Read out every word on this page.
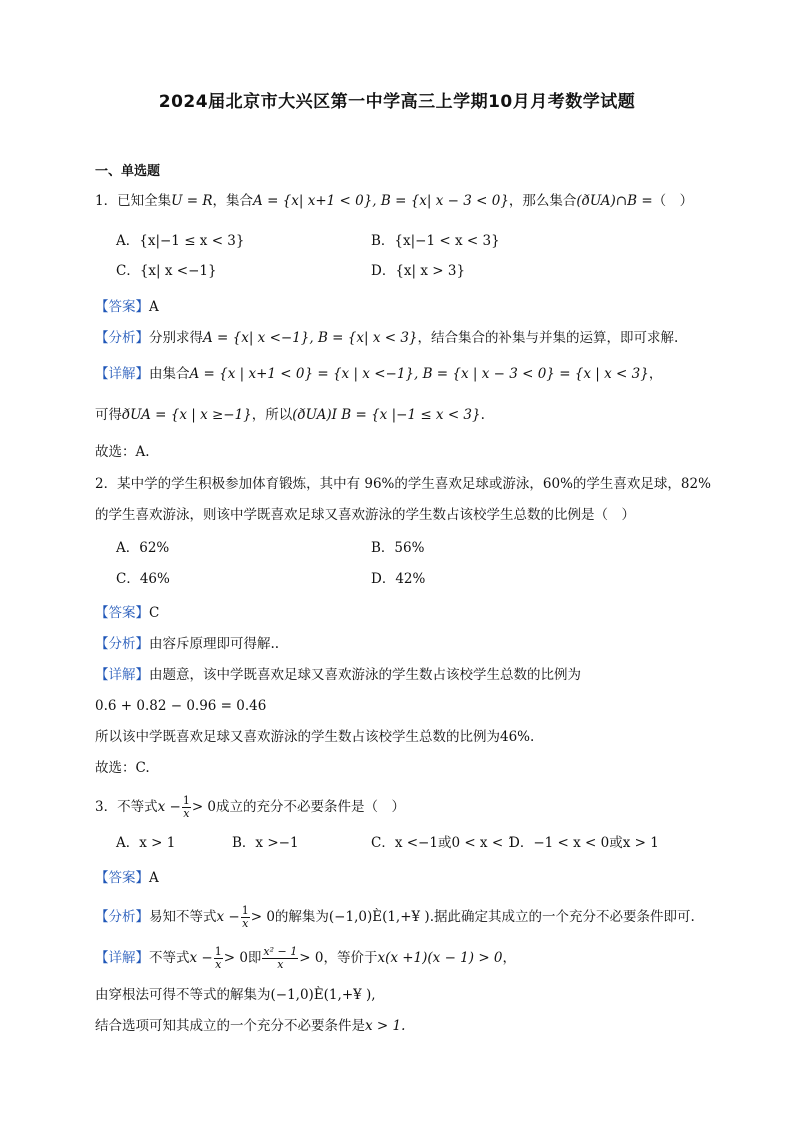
2024届北京市大兴区第一中学高三上学期10月月考数学试题
一、单选题
1．已知全集U = R，集合A = {x| x+1 < 0}, B = {x| x − 3 < 0}，那么集合(ðUA)∩B =（　）
A．{x|−1 ≤ x < 3}	B．{x|−1 < x < 3}
C．{x| x <−1}	D．{x| x > 3}
【答案】A
【分析】分别求得A = {x| x <−1}, B = {x| x < 3}，结合集合的补集与并集的运算，即可求解.
【详解】由集合A = {x | x+1 < 0} = {x | x <−1}, B = {x | x − 3 < 0} = {x | x < 3}，
可得ðUA = {x | x ≥−1}，所以(ðUA)I B = {x |−1 ≤ x < 3}.
故选：A.
2．某中学的学生积极参加体育锻炼，其中有 96%的学生喜欢足球或游泳，60%的学生喜欢足球，82%
的学生喜欢游泳，则该中学既喜欢足球又喜欢游泳的学生数占该校学生总数的比例是（　）
A．62%	B．56%
C．46%	D．42%
【答案】C
【分析】由容斥原理即可得解..
【详解】由题意，该中学既喜欢足球又喜欢游泳的学生数占该校学生总数的比例为
0.6 + 0.82 − 0.96 = 0.46
所以该中学既喜欢足球又喜欢游泳的学生数占该校学生总数的比例为46%.
故选：C.
3．不等式$x - \frac{1}{x} > 0$成立的充分不必要条件是（　）
A．x > 1	B．x >−1	C．x <−1或0 < x < 1
D．−1 < x < 0或x > 1
【答案】A
【分析】易知不等式$x - \frac{1}{x} > 0$的解集为(−1,0)È(1,+¥ ).据此确定其成立的一个充分不必要条件即可.
【详解】不等式$x - \frac{1}{x} > 0$即 $\frac{\text{x² − 1}}{x} > 0$，等价于x(x +1)(x − 1) > 0，
由穿根法可得不等式的解集为(−1,0)È(1,+¥ ),
结合选项可知其成立的一个充分不必要条件是x > 1.
